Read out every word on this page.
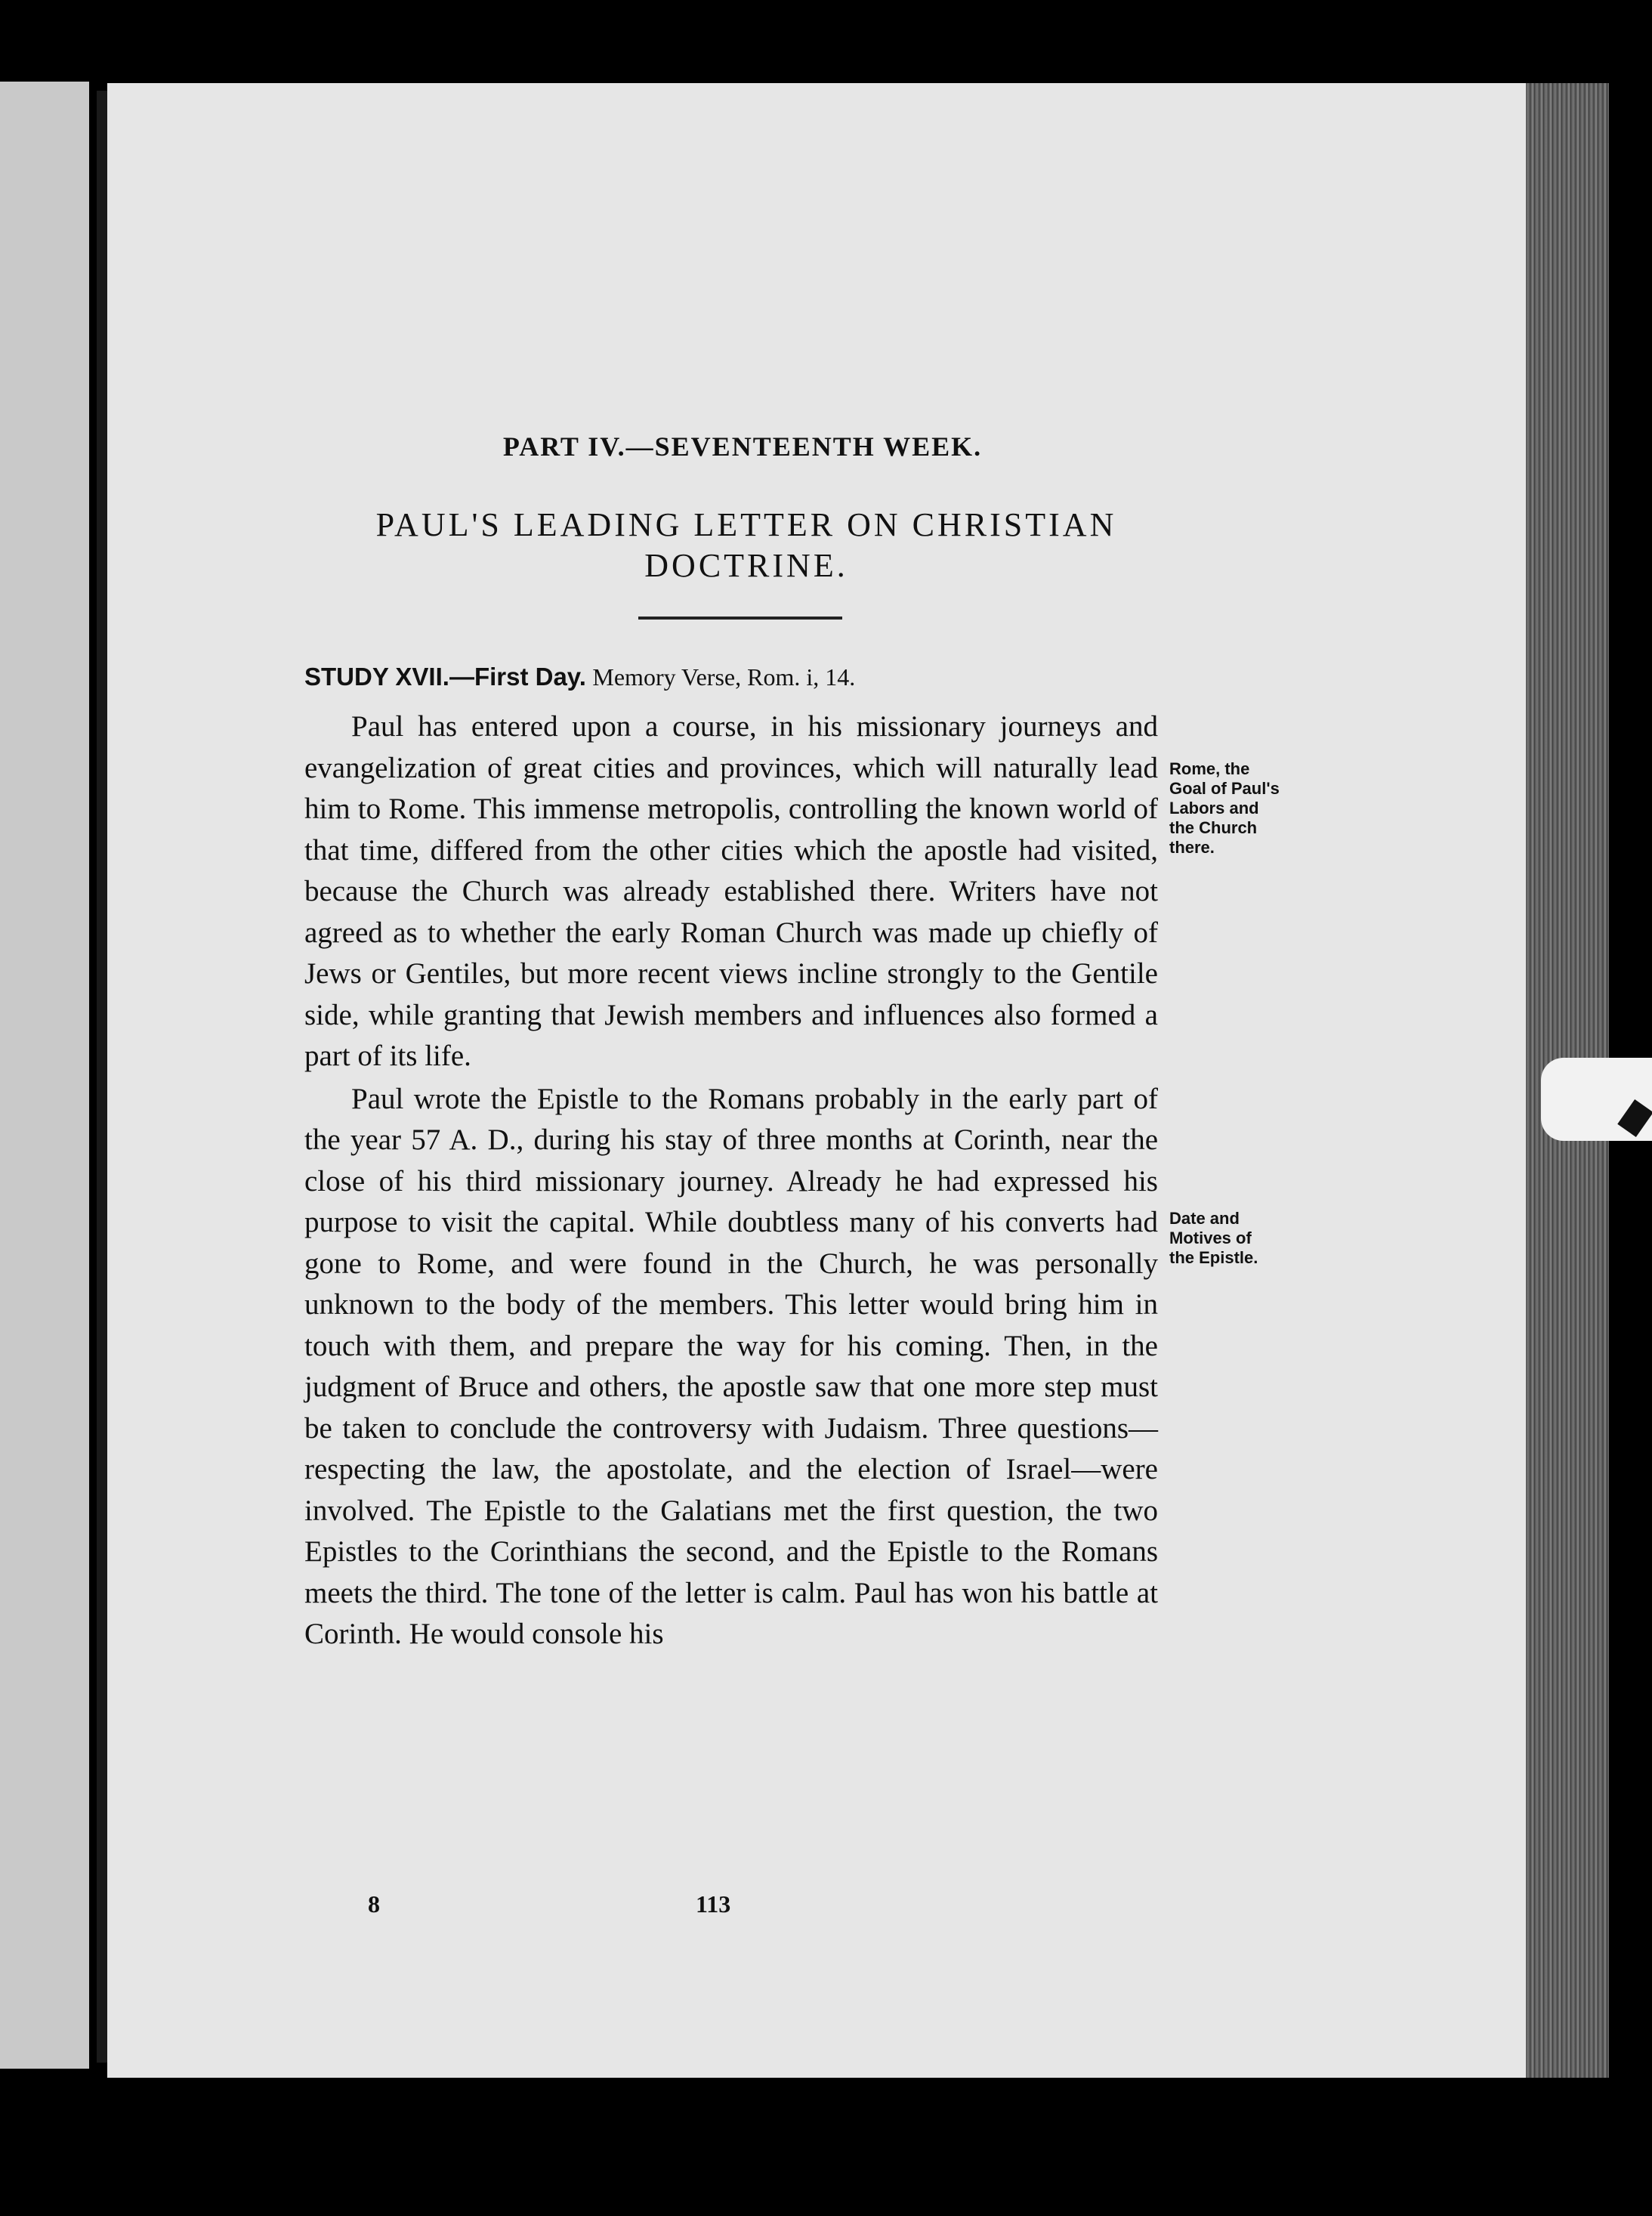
PART IV.—SEVENTEENTH WEEK.
PAUL'S LEADING LETTER ON CHRISTIAN
DOCTRINE.
STUDY XVII.—First Day. Memory Verse, Rom. i, 14.

Paul has entered upon a course, in his missionary journeys and evangelization of great cities and provinces, which will naturally lead him to Rome. This immense metropolis, controlling the known world of that time, differed from the other cities which the apostle had visited, because the Church was already established there. Writers have not agreed as to whether the early Roman Church was made up chiefly of Jews or Gentiles, but more recent views incline strongly to the Gentile side, while granting that Jewish members and influences also formed a part of its life.

Paul wrote the Epistle to the Romans probably in the early part of the year 57 A. D., during his stay of three months at Corinth, near the close of his third missionary journey. Already he had expressed his purpose to visit the capital. While doubtless many of his converts had gone to Rome, and were found in the Church, he was personally unknown to the body of the members. This letter would bring him in touch with them, and prepare the way for his coming. Then, in the judgment of Bruce and others, the apostle saw that one more step must be taken to conclude the controversy with Judaism. Three questions—respecting the law, the apostolate, and the election of Israel—were involved. The Epistle to the Galatians met the first question, the two Epistles to the Corinthians the second, and the Epistle to the Romans meets the third. The tone of the letter is calm. Paul has won his battle at Corinth. He would console his

Rome, the
Goal of Paul's
Labors and
the Church
there.
Date and
Motives of
the Epistle.
8	113
